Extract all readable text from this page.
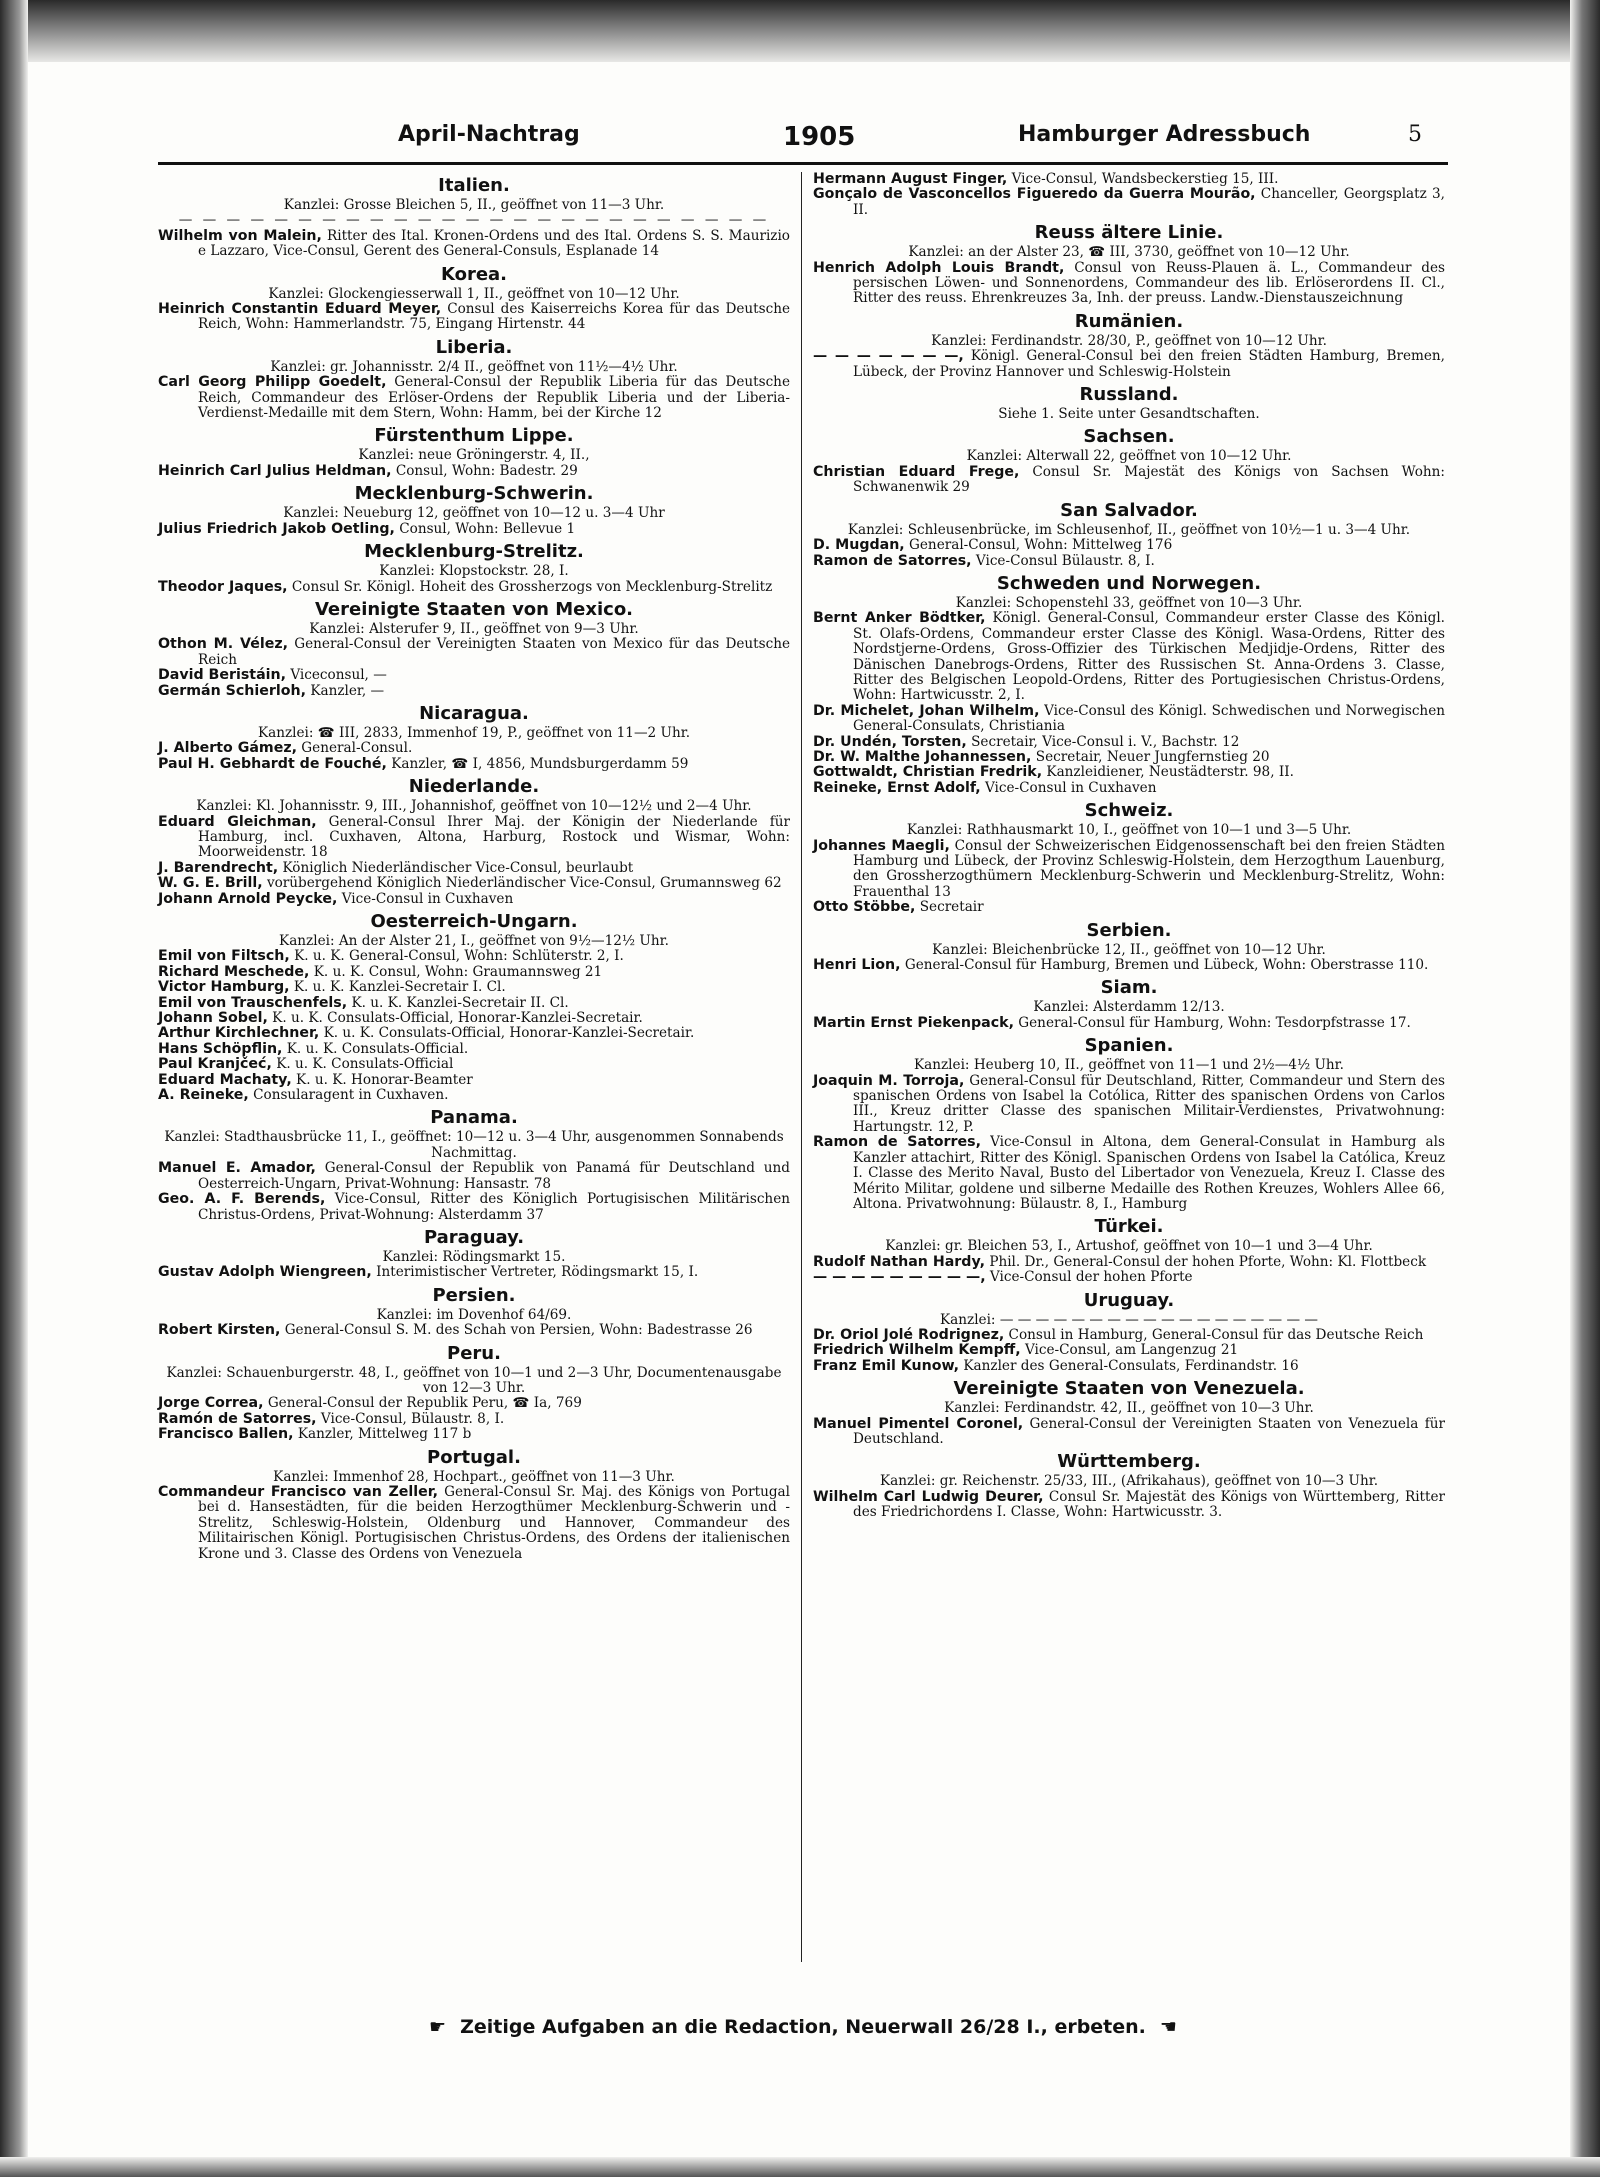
April-Nachtrag	1905	Hamburger Adressbuch	5
Italien.

Kanzlei: Grosse Bleichen 5, II., geöffnet von 11—3 Uhr.

— — — — — — — — — — — — — — — — — — — — — — — — —

Wilhelm von Malein, Ritter des Ital. Kronen-Ordens und des Ital. Ordens S. S. Maurizio e Lazzaro, Vice-Consul, Gerent des General-Consuls, Esplanade 14

Korea.

Kanzlei: Glockengiesserwall 1, II., geöffnet von 10—12 Uhr.

Heinrich Constantin Eduard Meyer, Consul des Kaiserreichs Korea für das Deutsche Reich, Wohn: Hammerlandstr. 75, Eingang Hirtenstr. 44

Liberia.

Kanzlei: gr. Johannisstr. 2/4 II., geöffnet von 11½—4½ Uhr.

Carl Georg Philipp Goedelt, General-Consul der Republik Liberia für das Deutsche Reich, Commandeur des Erlöser-Ordens der Republik Liberia und der Liberia-Verdienst-Medaille mit dem Stern, Wohn: Hamm, bei der Kirche 12

Fürstenthum Lippe.

Kanzlei: neue Gröningerstr. 4, II.,

Heinrich Carl Julius Heldman, Consul, Wohn: Badestr. 29

Mecklenburg-Schwerin.

Kanzlei: Neueburg 12, geöffnet von 10—12 u. 3—4 Uhr

Julius Friedrich Jakob Oetling, Consul, Wohn: Bellevue 1

Mecklenburg-Strelitz.

Kanzlei: Klopstockstr. 28, I.

Theodor Jaques, Consul Sr. Königl. Hoheit des Grossherzogs von Mecklenburg-Strelitz

Vereinigte Staaten von Mexico.

Kanzlei: Alsterufer 9, II., geöffnet von 9—3 Uhr.

Othon M. Vélez, General-Consul der Vereinigten Staaten von Mexico für das Deutsche Reich

David Beristáin, Viceconsul, —

Germán Schierloh, Kanzler, —

Nicaragua.

Kanzlei: ☎ III, 2833, Immenhof 19, P., geöffnet von 11—2 Uhr.

J. Alberto Gámez, General-Consul.

Paul H. Gebhardt de Fouché, Kanzler, ☎ I, 4856, Mundsburgerdamm 59

Niederlande.

Kanzlei: Kl. Johannisstr. 9, III., Johannishof, geöffnet von 10—12½ und 2—4 Uhr.

Eduard Gleichman, General-Consul Ihrer Maj. der Königin der Niederlande für Hamburg, incl. Cuxhaven, Altona, Harburg, Rostock und Wismar, Wohn: Moorweidenstr. 18

J. Barendrecht, Königlich Niederländischer Vice-Consul, beurlaubt

W. G. E. Brill, vorübergehend Königlich Niederländischer Vice-Consul, Grumannsweg 62

Johann Arnold Peycke, Vice-Consul in Cuxhaven

Oesterreich-Ungarn.

Kanzlei: An der Alster 21, I., geöffnet von 9½—12½ Uhr.

Emil von Filtsch, K. u. K. General-Consul, Wohn: Schlüterstr. 2, I.

Richard Meschede, K. u. K. Consul, Wohn: Graumannsweg 21

Victor Hamburg, K. u. K. Kanzlei-Secretair I. Cl.

Emil von Trauschenfels, K. u. K. Kanzlei-Secretair II. Cl.

Johann Sobel, K. u. K. Consulats-Official, Honorar-Kanzlei-Secretair.

Arthur Kirchlechner, K. u. K. Consulats-Official, Honorar-Kanzlei-Secretair.

Hans Schöpflin, K. u. K. Consulats-Official.

Paul Kranjčeć, K. u. K. Consulats-Official

Eduard Machaty, K. u. K. Honorar-Beamter

A. Reineke, Consularagent in Cuxhaven.

Panama.

Kanzlei: Stadthausbrücke 11, I., geöffnet: 10—12 u. 3—4 Uhr, ausgenommen Sonnabends Nachmittag.

Manuel E. Amador, General-Consul der Republik von Panamá für Deutschland und Oesterreich-Ungarn, Privat-Wohnung: Hansastr. 78

Geo. A. F. Berends, Vice-Consul, Ritter des Königlich Portugisischen Militärischen Christus-Ordens, Privat-Wohnung: Alsterdamm 37

Paraguay.

Kanzlei: Rödingsmarkt 15.

Gustav Adolph Wiengreen, Interimistischer Vertreter, Rödingsmarkt 15, I.

Persien.

Kanzlei: im Dovenhof 64/69.

Robert Kirsten, General-Consul S. M. des Schah von Persien, Wohn: Badestrasse 26

Peru.

Kanzlei: Schauenburgerstr. 48, I., geöffnet von 10—1 und 2—3 Uhr, Documentenausgabe von 12—3 Uhr.

Jorge Correa, General-Consul der Republik Peru, ☎ Ia, 769

Ramón de Satorres, Vice-Consul, Bülaustr. 8, I.

Francisco Ballen, Kanzler, Mittelweg 117 b

Portugal.

Kanzlei: Immenhof 28, Hochpart., geöffnet von 11—3 Uhr.

Commandeur Francisco van Zeller, General-Consul Sr. Maj. des Königs von Portugal bei d. Hansestädten, für die beiden Herzogthümer Mecklenburg-Schwerin und -Strelitz, Schleswig-Holstein, Oldenburg und Hannover, Commandeur des Militairischen Königl. Portugisischen Christus-Ordens, des Ordens der italienischen Krone und 3. Classe des Ordens von Venezuela

Hermann August Finger, Vice-Consul, Wandsbeckerstieg 15, III.

Gonçalo de Vasconcellos Figueredo da Guerra Mourão, Chanceller, Georgsplatz 3, II.

Reuss ältere Linie.

Kanzlei: an der Alster 23, ☎ III, 3730, geöffnet von 10—12 Uhr.

Henrich Adolph Louis Brandt, Consul von Reuss-Plauen ä. L., Commandeur des persischen Löwen- und Sonnenordens, Commandeur des lib. Erlöserordens II. Cl., Ritter des reuss. Ehrenkreuzes 3a, Inh. der preuss. Landw.-Dienstauszeichnung

Rumänien.

Kanzlei: Ferdinandstr. 28/30, P., geöffnet von 10—12 Uhr.

— — — — — — —, Königl. General-Consul bei den freien Städten Hamburg, Bremen, Lübeck, der Provinz Hannover und Schleswig-Holstein

Russland.

Siehe 1. Seite unter Gesandtschaften.

Sachsen.

Kanzlei: Alterwall 22, geöffnet von 10—12 Uhr.

Christian Eduard Frege, Consul Sr. Majestät des Königs von Sachsen Wohn: Schwanenwik 29

San Salvador.

Kanzlei: Schleusenbrücke, im Schleusenhof, II., geöffnet von 10½—1 u. 3—4 Uhr.

D. Mugdan, General-Consul, Wohn: Mittelweg 176

Ramon de Satorres, Vice-Consul Bülaustr. 8, I.

Schweden und Norwegen.

Kanzlei: Schopenstehl 33, geöffnet von 10—3 Uhr.

Bernt Anker Bödtker, Königl. General-Consul, Commandeur erster Classe des Königl. St. Olafs-Ordens, Commandeur erster Classe des Königl. Wasa-Ordens, Ritter des Nordstjerne-Ordens, Gross-Offizier des Türkischen Medjidje-Ordens, Ritter des Dänischen Danebrogs-Ordens, Ritter des Russischen St. Anna-Ordens 3. Classe, Ritter des Belgischen Leopold-Ordens, Ritter des Portugiesischen Christus-Ordens, Wohn: Hartwicusstr. 2, I.

Dr. Michelet, Johan Wilhelm, Vice-Consul des Königl. Schwedischen und Norwegischen General-Consulats, Christiania

Dr. Undén, Torsten, Secretair, Vice-Consul i. V., Bachstr. 12

Dr. W. Malthe Johannessen, Secretair, Neuer Jungfernstieg 20

Gottwaldt, Christian Fredrik, Kanzleidiener, Neustädterstr. 98, II.

Reineke, Ernst Adolf, Vice-Consul in Cuxhaven

Schweiz.

Kanzlei: Rathhausmarkt 10, I., geöffnet von 10—1 und 3—5 Uhr.

Johannes Maegli, Consul der Schweizerischen Eidgenossenschaft bei den freien Städten Hamburg und Lübeck, der Provinz Schleswig-Holstein, dem Herzogthum Lauenburg, den Grossherzogthümern Mecklenburg-Schwerin und Mecklenburg-Strelitz, Wohn: Frauenthal 13

Otto Stöbbe, Secretair

Serbien.

Kanzlei: Bleichenbrücke 12, II., geöffnet von 10—12 Uhr.

Henri Lion, General-Consul für Hamburg, Bremen und Lübeck, Wohn: Oberstrasse 110.

Siam.

Kanzlei: Alsterdamm 12/13.

Martin Ernst Piekenpack, General-Consul für Hamburg, Wohn: Tesdorpfstrasse 17.

Spanien.

Kanzlei: Heuberg 10, II., geöffnet von 11—1 und 2½—4½ Uhr.

Joaquin M. Torroja, General-Consul für Deutschland, Ritter, Commandeur und Stern des spanischen Ordens von Isabel la Cotólica, Ritter des spanischen Ordens von Carlos III., Kreuz dritter Classe des spanischen Militair-Verdienstes, Privatwohnung: Hartungstr. 12, P.

Ramon de Satorres, Vice-Consul in Altona, dem General-Consulat in Hamburg als Kanzler attachirt, Ritter des Königl. Spanischen Ordens von Isabel la Católica, Kreuz I. Classe des Merito Naval, Busto del Libertador von Venezuela, Kreuz I. Classe des Mérito Militar, goldene und silberne Medaille des Rothen Kreuzes, Wohlers Allee 66, Altona. Privatwohnung: Bülaustr. 8, I., Hamburg

Türkei.

Kanzlei: gr. Bleichen 53, I., Artushof, geöffnet von 10—1 und 3—4 Uhr.

Rudolf Nathan Hardy, Phil. Dr., General-Consul der hohen Pforte, Wohn: Kl. Flottbeck

— — — — — — — — —, Vice-Consul der hohen Pforte

Uruguay.

Kanzlei: — — — — — — — — — — — — — — — — — —

Dr. Oriol Jolé Rodrignez, Consul in Hamburg, General-Consul für das Deutsche Reich

Friedrich Wilhelm Kempff, Vice-Consul, am Langenzug 21

Franz Emil Kunow, Kanzler des General-Consulats, Ferdinandstr. 16

Vereinigte Staaten von Venezuela.

Kanzlei: Ferdinandstr. 42, II., geöffnet von 10—3 Uhr.

Manuel Pimentel Coronel, General-Consul der Vereinigten Staaten von Venezuela für Deutschland.

Württemberg.

Kanzlei: gr. Reichenstr. 25/33, III., (Afrikahaus), geöffnet von 10—3 Uhr.

Wilhelm Carl Ludwig Deurer, Consul Sr. Majestät des Königs von Württemberg, Ritter des Friedrichordens I. Classe, Wohn: Hartwicusstr. 3.

☛ Zeitige Aufgaben an die Redaction, Neuerwall 26/28 I., erbeten. ☚
